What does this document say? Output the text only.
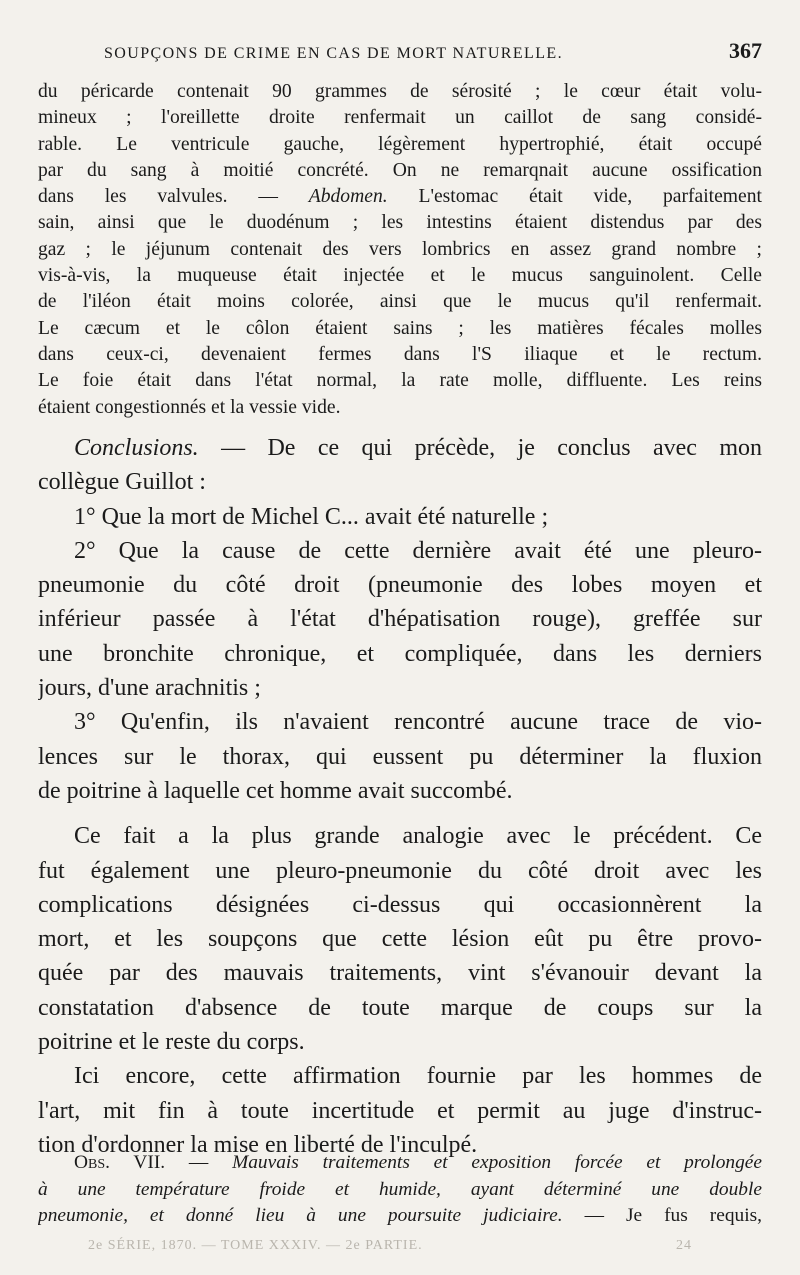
SOUPÇONS DE CRIME EN CAS DE MORT NATURELLE.	367
du péricarde contenait 90 grammes de sérosité ; le cœur était volu-
mineux ; l'oreillette droite renfermait un caillot de sang considé-
rable. Le ventricule gauche, légèrement hypertrophié, était occupé
par du sang à moitié concrété. On ne remarqnait aucune ossification
dans les valvules. — Abdomen. L'estomac était vide, parfaitement
sain, ainsi que le duodénum ; les intestins étaient distendus par des
gaz ; le jéjunum contenait des vers lombrics en assez grand nombre ;
vis-à-vis, la muqueuse était injectée et le mucus sanguinolent. Celle
de l'iléon était moins colorée, ainsi que le mucus qu'il renfermait.
Le cæcum et le côlon étaient sains ; les matières fécales molles
dans ceux-ci, devenaient fermes dans l'S iliaque et le rectum.
Le foie était dans l'état normal, la rate molle, diffluente. Les reins
étaient congestionnés et la vessie vide.
Conclusions. — De ce qui précède, je conclus avec mon
collègue Guillot :
1° Que la mort de Michel C... avait été naturelle ;
2° Que la cause de cette dernière avait été une pleuro-
pneumonie du côté droit (pneumonie des lobes moyen et
inférieur passée à l'état d'hépatisation rouge), greffée sur
une bronchite chronique, et compliquée, dans les derniers
jours, d'une arachnitis ;
3° Qu'enfin, ils n'avaient rencontré aucune trace de vio-
lences sur le thorax, qui eussent pu déterminer la fluxion
de poitrine à laquelle cet homme avait succombé.
Ce fait a la plus grande analogie avec le précédent. Ce
fut également une pleuro-pneumonie du côté droit avec les
complications désignées ci-dessus qui occasionnèrent la
mort, et les soupçons que cette lésion eût pu être provo-
quée par des mauvais traitements, vint s'évanouir devant la
constatation d'absence de toute marque de coups sur la
poitrine et le reste du corps.
Ici encore, cette affirmation fournie par les hommes de
l'art, mit fin à toute incertitude et permit au juge d'instruc-
tion d'ordonner la mise en liberté de l'inculpé.
Obs. VII. — Mauvais traitements et exposition forcée et prolongée
à une température froide et humide, ayant déterminé une double
pneumonie, et donné lieu à une poursuite judiciaire. — Je fus requis,
2e SÉRIE, 1870. — TOME XXXIV. — 2e PARTIE.	24
